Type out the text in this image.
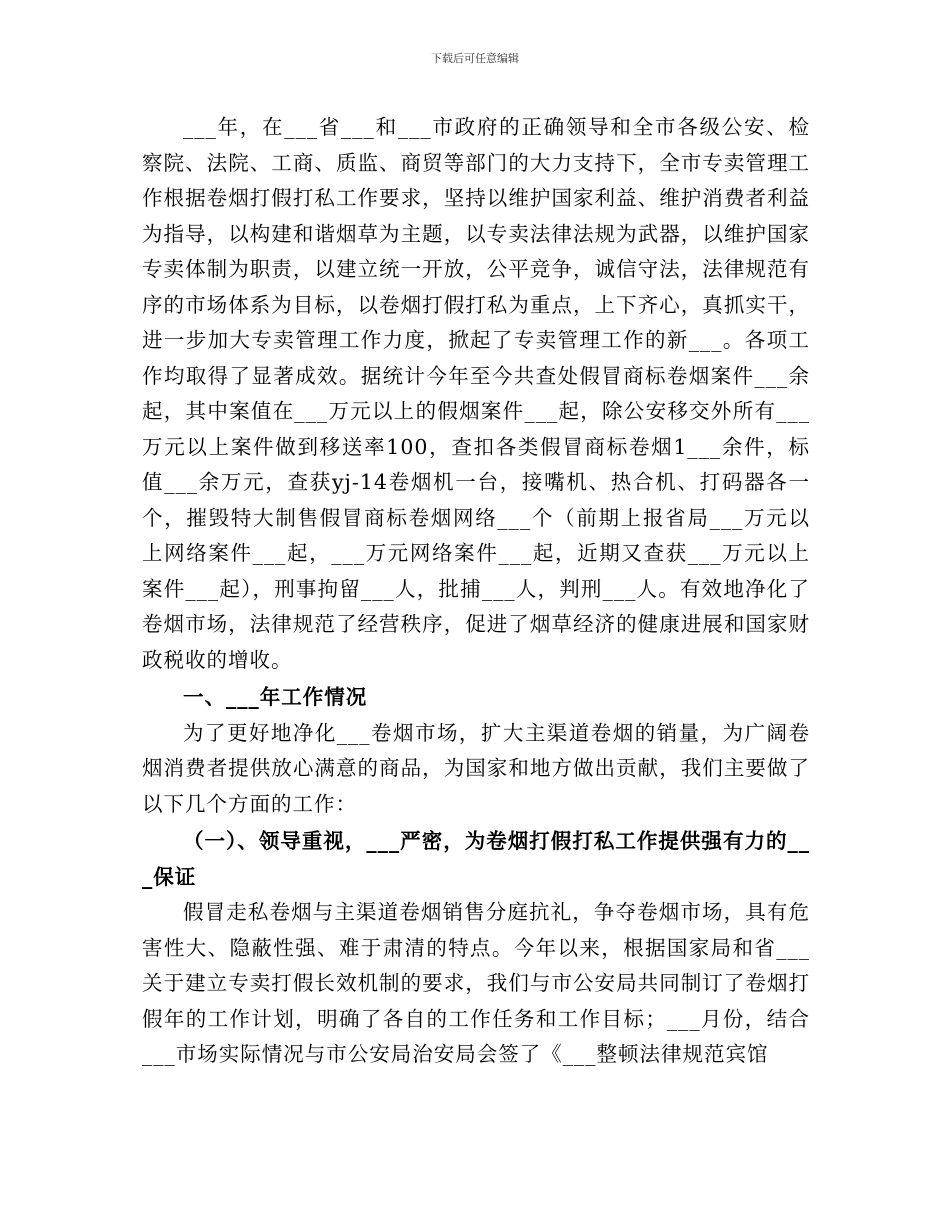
下载后可任意编辑

___年，在___省___和___市政府的正确领导和全市各级公安、检察院、法院、工商、质监、商贸等部门的大力支持下，全市专卖管理工作根据卷烟打假打私工作要求，坚持以维护国家利益、维护消费者利益为指导，以构建和谐烟草为主题，以专卖法律法规为武器，以维护国家专卖体制为职责，以建立统一开放，公平竞争，诚信守法，法律规范有序的市场体系为目标，以卷烟打假打私为重点，上下齐心，真抓实干，进一步加大专卖管理工作力度，掀起了专卖管理工作的新___。各项工作均取得了显著成效。据统计今年至今共查处假冒商标卷烟案件___余起，其中案值在___万元以上的假烟案件___起，除公安移交外所有___万元以上案件做到移送率100，查扣各类假冒商标卷烟1___余件，标值___余万元，查获yj-14卷烟机一台，接嘴机、热合机、打码器各一个，摧毁特大制售假冒商标卷烟网络___个（前期上报省局___万元以上网络案件___起，___万元网络案件___起，近期又查获___万元以上案件___起），刑事拘留___人，批捕___人，判刑___人。有效地净化了卷烟市场，法律规范了经营秩序，促进了烟草经济的健康进展和国家财政税收的增收。

一、___年工作情况

为了更好地净化___卷烟市场，扩大主渠道卷烟的销量，为广阔卷烟消费者提供放心满意的商品，为国家和地方做出贡献，我们主要做了以下几个方面的工作：

（一）、领导重视，___严密，为卷烟打假打私工作提供强有力的___保证

假冒走私卷烟与主渠道卷烟销售分庭抗礼，争夺卷烟市场，具有危害性大、隐蔽性强、难于肃清的特点。今年以来，根据国家局和省___关于建立专卖打假长效机制的要求，我们与市公安局共同制订了卷烟打假年的工作计划，明确了各自的工作任务和工作目标；___月份，结合___市场实际情况与市公安局治安局会签了《___整顿法律规范宾馆
